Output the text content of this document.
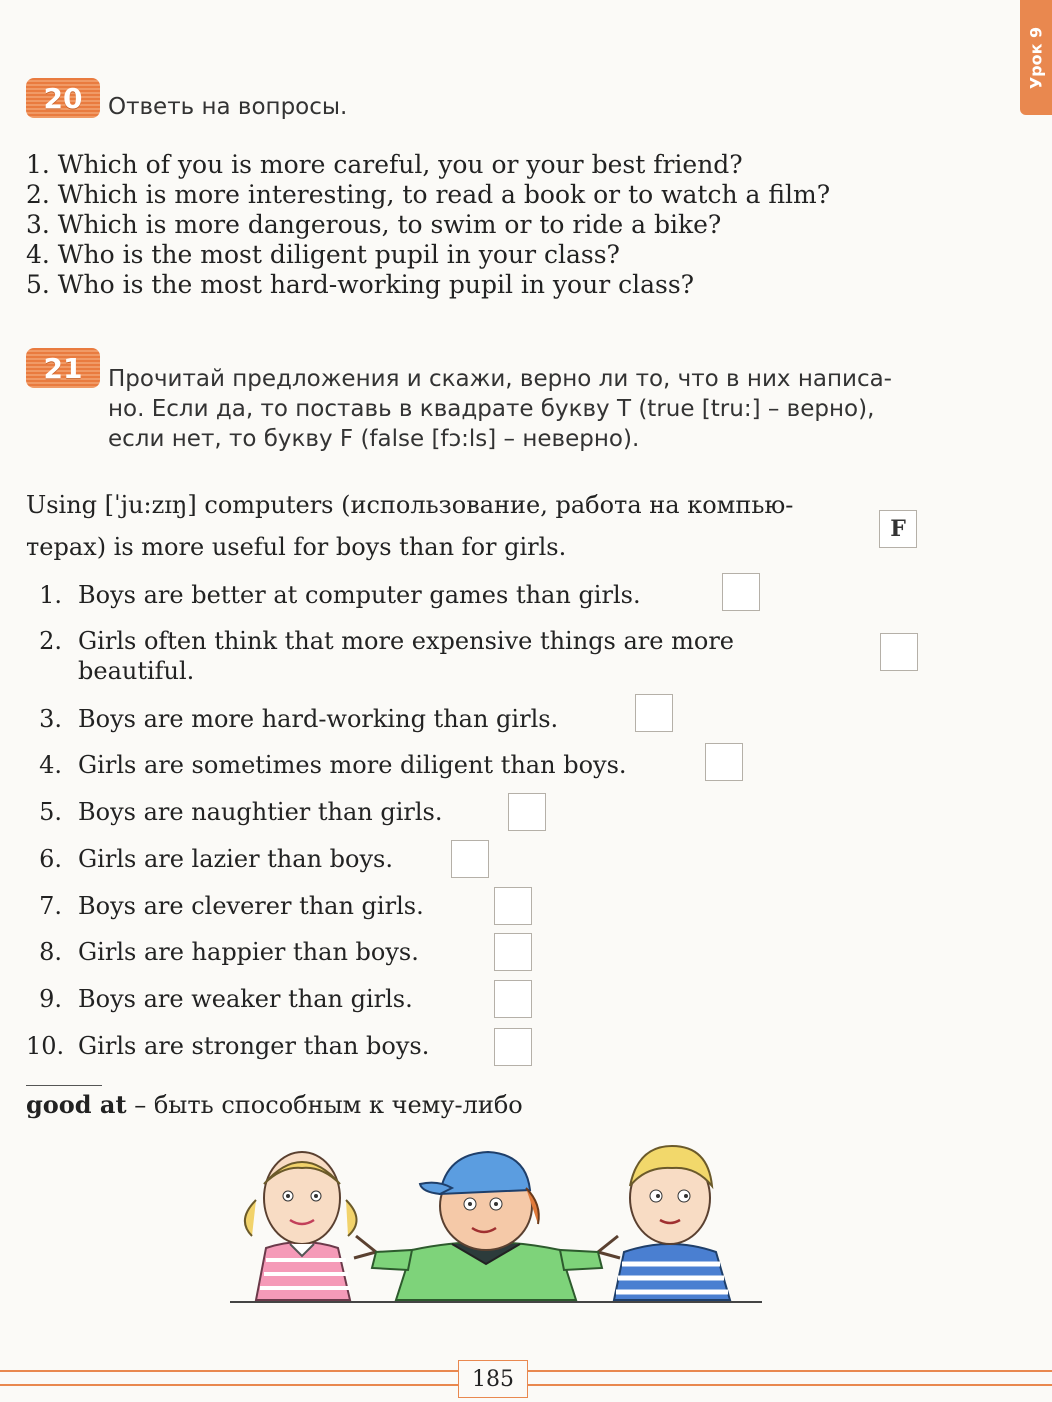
Урок 9
20	Ответь на вопросы.
1. Which of you is more careful, you or your best friend?
2. Which is more interesting, to read a book or to watch a film?
3. Which is more dangerous, to swim or to ride a bike?
4. Who is the most diligent pupil in your class?
5. Who is the most hard-working pupil in your class?
21	Прочитай предложения и скажи, верно ли то, что в них написа-
но. Если да, то поставь в квадрате букву T (true [tru:] – верно),
если нет, то букву F (false [fɔ:ls] – неверно).
Using [ˈju:zɪŋ] computers (использование, работа на компью-
терах) is more useful for boys than for girls.
F
1. Boys are better at computer games than girls.
2. Girls often think that more expensive things are more
beautiful.
3. Boys are more hard-working than girls.
4. Girls are sometimes more diligent than boys.
5. Boys are naughtier than girls.
6. Girls are lazier than boys.
7. Boys are cleverer than girls.
8. Girls are happier than boys.
9. Boys are weaker than girls.
10. Girls are stronger than boys.
good at – быть способным к чему-либо
185
